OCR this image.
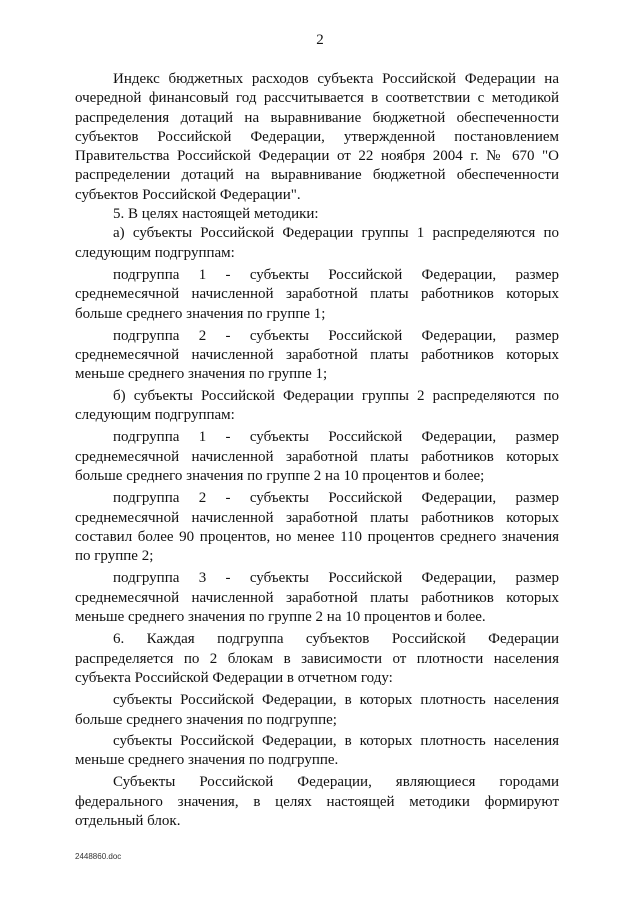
2

Индекс бюджетных расходов субъекта Российской Федерации на очередной финансовый год рассчитывается в соответствии с методикой распределения дотаций на выравнивание бюджетной обеспеченности субъектов Российской Федерации, утвержденной постановлением Правительства Российской Федерации от 22 ноября 2004 г. № 670 "О распределении дотаций на выравнивание бюджетной обеспеченности субъектов Российской Федерации".

5. В целях настоящей методики:

а) субъекты Российской Федерации группы 1 распределяются по следующим подгруппам:

подгруппа 1 - субъекты Российской Федерации, размер среднемесячной начисленной заработной платы работников которых больше среднего значения по группе 1;

подгруппа 2 - субъекты Российской Федерации, размер среднемесячной начисленной заработной платы работников которых меньше среднего значения по группе 1;

б) субъекты Российской Федерации группы 2 распределяются по следующим подгруппам:

подгруппа 1 - субъекты Российской Федерации, размер среднемесячной начисленной заработной платы работников которых больше среднего значения по группе 2 на 10 процентов и более;

подгруппа 2 - субъекты Российской Федерации, размер среднемесячной начисленной заработной платы работников которых составил более 90 процентов, но менее 110 процентов среднего значения по группе 2;

подгруппа 3 - субъекты Российской Федерации, размер среднемесячной начисленной заработной платы работников которых меньше среднего значения по группе 2 на 10 процентов и более.

6. Каждая подгруппа субъектов Российской Федерации распределяется по 2 блокам в зависимости от плотности населения субъекта Российской Федерации в отчетном году:

субъекты Российской Федерации, в которых плотность населения больше среднего значения по подгруппе;

субъекты Российской Федерации, в которых плотность населения меньше среднего значения по подгруппе.

Субъекты Российской Федерации, являющиеся городами федерального значения, в целях настоящей методики формируют отдельный блок.

2448860.doc
